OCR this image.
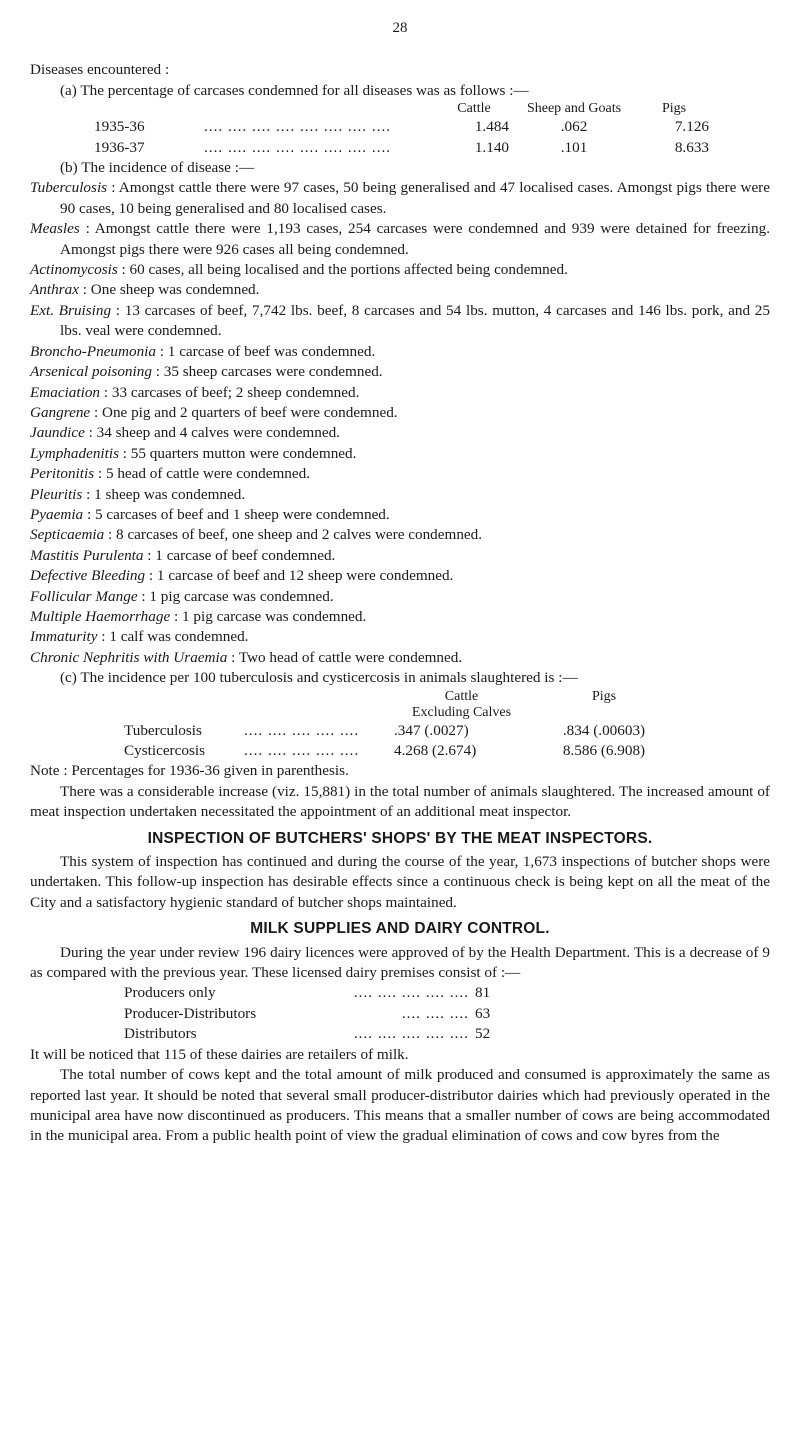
28

Diseases encountered :

(a) The percentage of carcases condemned for all diseases was as follows :—

		Cattle	Sheep and Goats	Pigs
1935-36	.... .... .... .... .... .... .... ....	1.484	.062	7.126
1936-37	.... .... .... .... .... .... .... ....	1.140	.101	8.633

(b) The incidence of disease :—

Tuberculosis : Amongst cattle there were 97 cases, 50 being generalised and 47 localised cases. Amongst pigs there were 90 cases, 10 being generalised and 80 localised cases.

Measles : Amongst cattle there were 1,193 cases, 254 carcases were condemned and 939 were detained for freezing. Amongst pigs there were 926 cases all being condemned.

Actinomycosis : 60 cases, all being localised and the portions affected being condemned.

Anthrax : One sheep was condemned.

Ext. Bruising : 13 carcases of beef, 7,742 lbs. beef, 8 carcases and 54 lbs. mutton, 4 carcases and 146 lbs. pork, and 25 lbs. veal were condemned.

Broncho-Pneumonia : 1 carcase of beef was condemned.

Arsenical poisoning : 35 sheep carcases were condemned.

Emaciation : 33 carcases of beef; 2 sheep condemned.

Gangrene : One pig and 2 quarters of beef were condemned.

Jaundice : 34 sheep and 4 calves were condemned.

Lymphadenitis : 55 quarters mutton were condemned.

Peritonitis : 5 head of cattle were condemned.

Pleuritis : 1 sheep was condemned.

Pyaemia : 5 carcases of beef and 1 sheep were condemned.

Septicaemia : 8 carcases of beef, one sheep and 2 calves were condemned.

Mastitis Purulenta : 1 carcase of beef condemned.

Defective Bleeding : 1 carcase of beef and 12 sheep were condemned.

Follicular Mange : 1 pig carcase was condemned.

Multiple Haemorrhage : 1 pig carcase was condemned.

Immaturity : 1 calf was condemned.

Chronic Nephritis with Uraemia : Two head of cattle were condemned.

(c) The incidence per 100 tuberculosis and cysticercosis in animals slaughtered is :—

		Cattle
Excluding Calves	Pigs
Tuberculosis	.... .... .... .... ....	.347 (.0027)	.834 (.00603)
Cysticercosis	.... .... .... .... ....	4.268 (2.674)	8.586 (6.908)

Note : Percentages for 1936-36 given in parenthesis.

There was a considerable increase (viz. 15,881) in the total number of animals slaughtered. The increased amount of meat inspection undertaken necessitated the appointment of an additional meat inspector.

INSPECTION OF BUTCHERS' SHOPS' BY THE MEAT INSPECTORS.

This system of inspection has continued and during the course of the year, 1,673 inspections of butcher shops were undertaken. This follow-up inspection has desirable effects since a continuous check is being kept on all the meat of the City and a satisfactory hygienic standard of butcher shops maintained.

MILK SUPPLIES AND DAIRY CONTROL.

During the year under review 196 dairy licences were approved of by the Health Department. This is a decrease of 9 as compared with the previous year. These licensed dairy premises consist of :—

Producers only	.... .... .... .... ....	81
Producer-Distributors	.... .... ....	63
Distributors	.... .... .... .... ....	52

It will be noticed that 115 of these dairies are retailers of milk.

The total number of cows kept and the total amount of milk produced and consumed is approximately the same as reported last year. It should be noted that several small producer-distributor dairies which had previously operated in the municipal area have now discontinued as producers. This means that a smaller number of cows are being accommodated in the municipal area. From a public health point of view the gradual elimination of cows and cow byres from the
